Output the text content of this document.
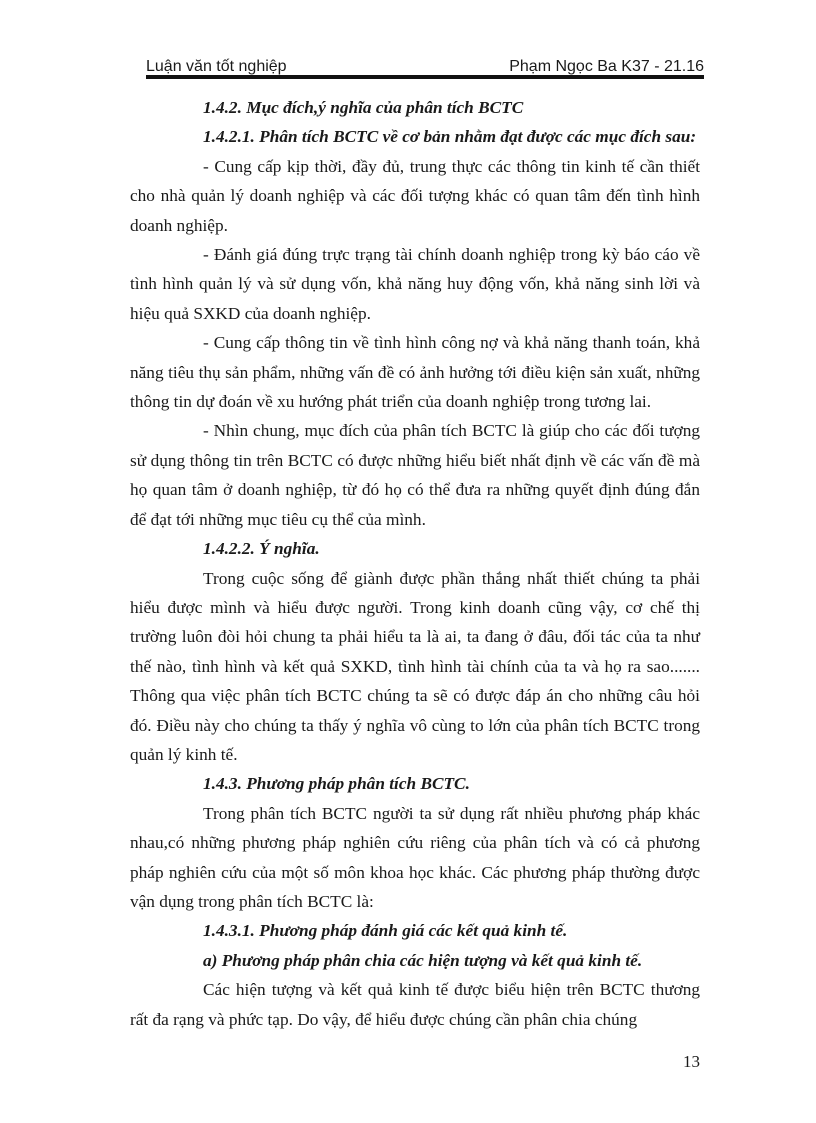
Luận văn tốt nghiệp	Phạm Ngọc Ba K37 - 21.16

1.4.2. Mục đích,ý nghĩa của phân tích BCTC

1.4.2.1. Phân tích BCTC về cơ bản nhằm đạt được các mục đích sau:

- Cung cấp kịp thời, đầy đủ, trung thực các thông tin kinh tế cần thiết cho nhà quản lý doanh nghiệp và các đối tượng khác có quan tâm đến tình hình doanh nghiệp.

- Đánh giá đúng trực trạng tài chính doanh nghiệp trong kỳ báo cáo về tình hình quản lý và sử dụng vốn, khả năng huy động vốn, khả năng sinh lời và hiệu quả SXKD của doanh nghiệp.

- Cung cấp thông tin về tình hình công nợ và khả năng thanh toán, khả năng tiêu thụ sản phẩm, những vấn đề có ảnh hưởng tới điều kiện sản xuất, những thông tin dự đoán về xu hướng phát triển của doanh nghiệp trong tương lai.

- Nhìn chung, mục đích của phân tích BCTC là giúp cho các đối tượng sử dụng thông tin trên BCTC có được những hiểu biết nhất định về các vấn đề mà họ quan tâm ở doanh nghiệp, từ đó họ có thể đưa ra những quyết định đúng đắn để đạt tới những mục tiêu cụ thể của mình.

1.4.2.2. Ý nghĩa.

Trong cuộc sống để giành được phần thắng nhất thiết chúng ta phải hiểu được mình và hiểu được người. Trong kinh doanh cũng vậy, cơ chế thị trường luôn đòi hỏi chung ta phải hiểu ta là ai, ta đang ở đâu, đối tác của ta như thế nào, tình hình và kết quả SXKD, tình hình tài chính của ta và họ ra sao....... Thông qua việc phân tích BCTC chúng ta sẽ có được đáp án cho những câu hỏi đó. Điều này cho chúng ta thấy ý nghĩa vô cùng to lớn của phân tích BCTC trong quản lý kinh tế.

1.4.3. Phương pháp phân tích BCTC.

Trong phân tích BCTC người ta sử dụng rất nhiều phương pháp khác nhau,có những phương pháp nghiên cứu riêng của phân tích và có cả phương pháp nghiên cứu của một số môn khoa học khác. Các phương pháp thường được vận dụng trong phân tích BCTC là:

1.4.3.1. Phương pháp đánh giá các kết quả kinh tế.

a) Phương pháp phân chia các hiện tượng và kết quả kinh tế.

Các hiện tượng và kết quả kinh tế được biểu hiện trên BCTC thương rất đa rạng và phức tạp. Do vậy, để hiểu được chúng cần phân chia chúng

13
